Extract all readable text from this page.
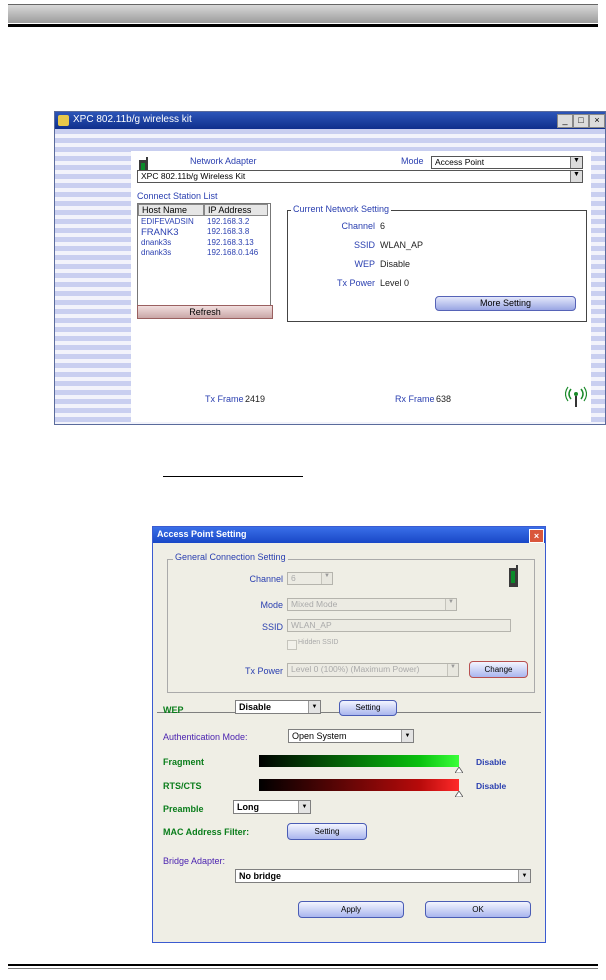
XPC 802.11b/g wireless kit	_	□	×
Network Adapter	Mode	Access Point	▼
XPC 802.11b/g Wireless Kit	▼
Connect Station List
Host Name	IP Address
EDIFEVADSIN 192.168.3.2
FRANK3	192.168.3.8
dnank3s	192.168.3.13
dnank3s	192.168.0.146
Refresh
Current Network Setting
Channel 6
SSID WLAN_AP
WEP Disable
Tx Power Level 0
More Setting
Tx Frame 2419	Rx Frame 638
Access Point Setting	×
General Connection Setting
Channel 6	▼
Mode Mixed Mode	▼
SSID WLAN_AP
Hidden SSID
Tx Power Level 0 (100%) (Maximum Power)	▼	Change
WEP	Disable	▼	Setting
Authentication Mode:	Open System	▼
Fragment	Disable
RTS/CTS	Disable
Preamble	Long	▼
MAC Address Filter:	Setting
Bridge Adapter:
No bridge	▼
Apply	OK
